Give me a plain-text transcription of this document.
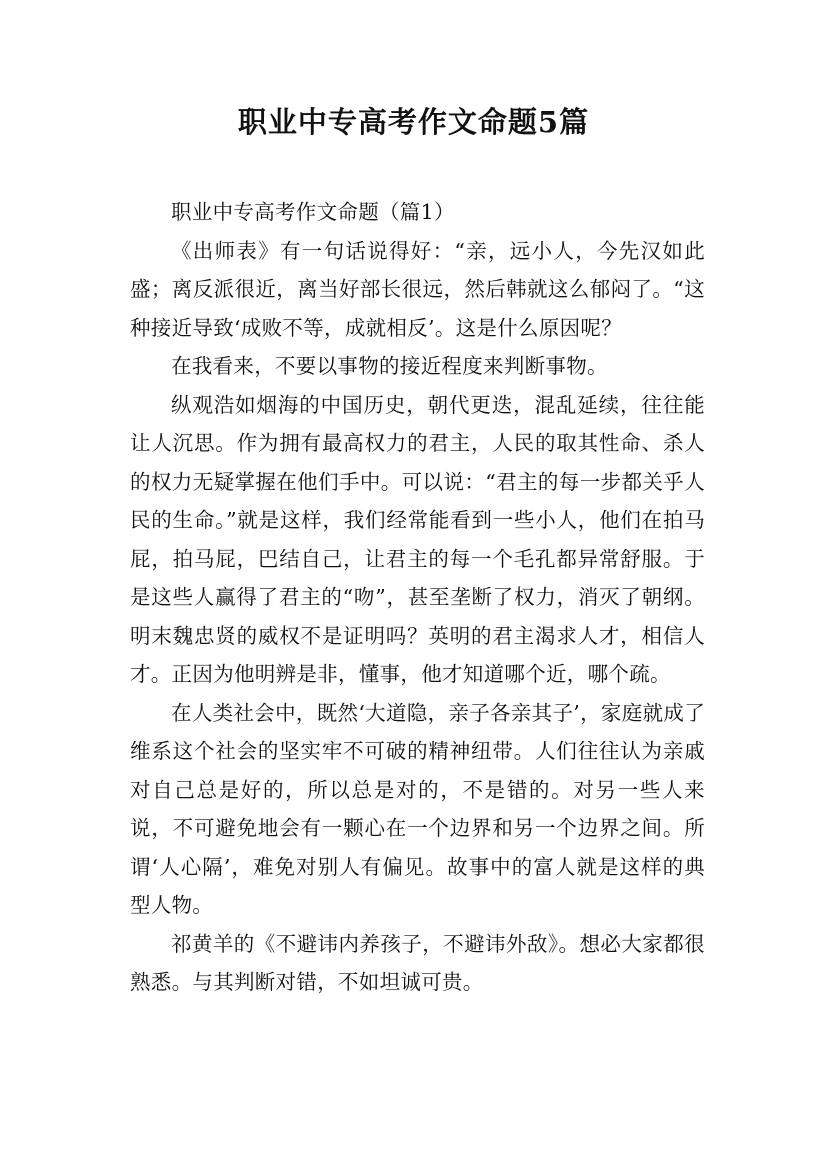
职业中专高考作文命题5篇

职业中专高考作文命题（篇1）

《出师表》有一句话说得好：“亲，远小人，今先汉如此盛；离反派很近，离当好部长很远，然后韩就这么郁闷了。“这种接近导致‘成败不等，成就相反’。这是什么原因呢？

在我看来，不要以事物的接近程度来判断事物。

纵观浩如烟海的中国历史，朝代更迭，混乱延续，往往能让人沉思。作为拥有最高权力的君主，人民的取其性命、杀人的权力无疑掌握在他们手中。可以说：“君主的每一步都关乎人民的生命。”就是这样，我们经常能看到一些小人，他们在拍马屁，拍马屁，巴结自己，让君主的每一个毛孔都异常舒服。于是这些人赢得了君主的“吻”，甚至垄断了权力，消灭了朝纲。明末魏忠贤的威权不是证明吗？英明的君主渴求人才，相信人才。正因为他明辨是非，懂事，他才知道哪个近，哪个疏。

在人类社会中，既然‘大道隐，亲子各亲其子’，家庭就成了维系这个社会的坚实牢不可破的精神纽带。人们往往认为亲戚对自己总是好的，所以总是对的，不是错的。对另一些人来说，不可避免地会有一颗心在一个边界和另一个边界之间。所谓‘人心隔’，难免对别人有偏见。故事中的富人就是这样的典型人物。

祁黄羊的《不避讳内养孩子，不避讳外敌》。想必大家都很熟悉。与其判断对错，不如坦诚可贵。
